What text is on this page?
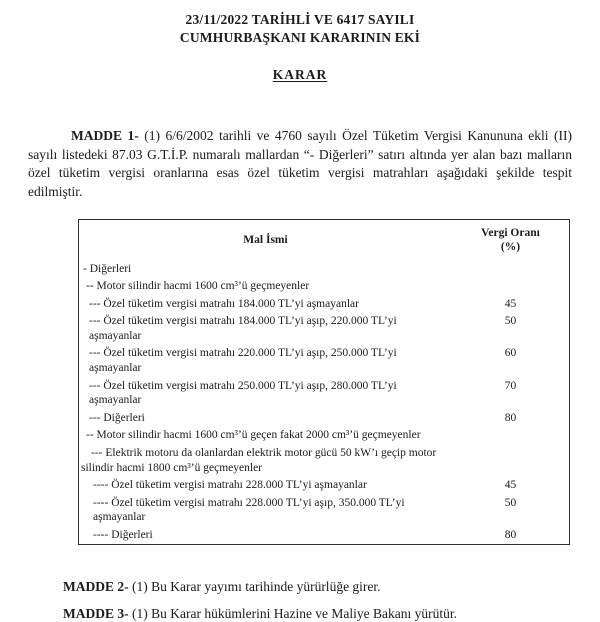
23/11/2022 TARİHLİ VE 6417 SAYILI
CUMHURBAŞKANI KARARININ EKİ
KARAR

MADDE 1- (1) 6/6/2002 tarihli ve 4760 sayılı Özel Tüketim Vergisi Kanununa ekli (II) sayılı listedeki 87.03 G.T.İ.P. numaralı mallardan “- Diğerleri” satırı altında yer alan bazı malların özel tüketim vergisi oranlarına esas özel tüketim vergisi matrahları aşağıdaki şekilde tespit edilmiştir.

Mal İsmi	Vergi Oranı
(%)

- Diğerleri	
-- Motor silindir hacmi 1600 cm³’ü geçmeyenler	
--- Özel tüketim vergisi matrahı 184.000 TL’yi aşmayanlar	45
--- Özel tüketim vergisi matrahı 184.000 TL’yi aşıp, 220.000 TL’yi aşmayanlar	50
--- Özel tüketim vergisi matrahı 220.000 TL’yi aşıp, 250.000 TL’yi aşmayanlar	60
--- Özel tüketim vergisi matrahı 250.000 TL’yi aşıp, 280.000 TL’yi aşmayanlar	70
--- Diğerleri	80
-- Motor silindir hacmi 1600 cm³’ü geçen fakat 2000 cm³’ü geçmeyenler	
--- Elektrik motoru da olanlardan elektrik motor gücü 50 kW’ı geçip motor silindir hacmi 1800 cm³’ü geçmeyenler	
---- Özel tüketim vergisi matrahı 228.000 TL’yi aşmayanlar	45
---- Özel tüketim vergisi matrahı 228.000 TL’yi aşıp, 350.000 TL’yi aşmayanlar	50
---- Diğerleri	80

MADDE 2- (1) Bu Karar yayımı tarihinde yürürlüğe girer.

MADDE 3- (1) Bu Karar hükümlerini Hazine ve Maliye Bakanı yürütür.
